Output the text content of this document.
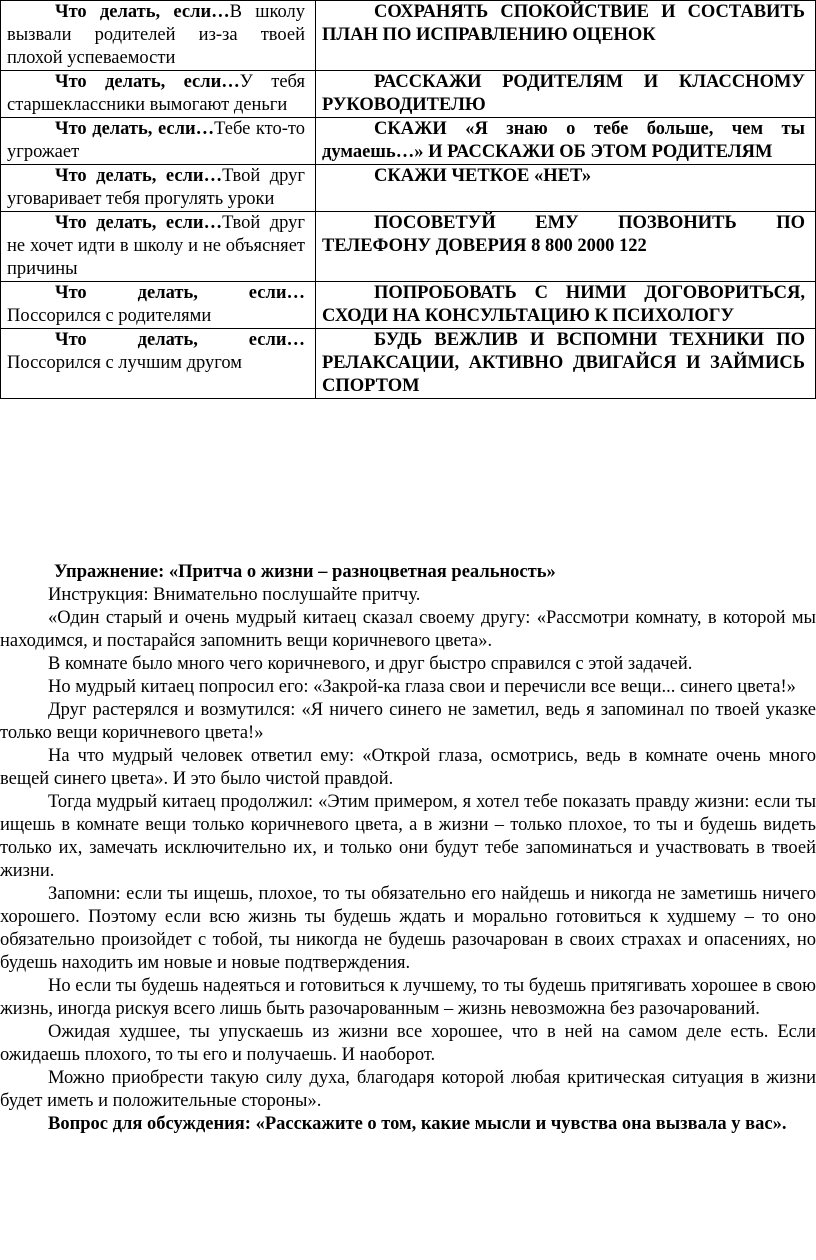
Что делать, если…В школу вызвали родителей из-за твоей плохой успеваемости	СОХРАНЯТЬ СПОКОЙСТВИЕ И СОСТАВИТЬ ПЛАН ПО ИСПРАВЛЕНИЮ ОЦЕНОК
Что делать, если…У тебя старшеклассники вымогают деньги	РАССКАЖИ РОДИТЕЛЯМ И КЛАССНОМУ РУКОВОДИТЕЛЮ
Что делать, если…Тебе кто-то угрожает	СКАЖИ «Я знаю о тебе больше, чем ты думаешь…» И РАССКАЖИ ОБ ЭТОМ РОДИТЕЛЯМ
Что делать, если…Твой друг уговаривает тебя прогулять уроки	СКАЖИ ЧЕТКОЕ «НЕТ»
Что делать, если…Твой друг не хочет идти в школу и не объясняет причины	ПОСОВЕТУЙ ЕМУ ПОЗВОНИТЬ ПО ТЕЛЕФОНУ ДОВЕРИЯ 8 800 2000 122
Что делать, если…Поссорился с родителями	ПОПРОБОВАТЬ С НИМИ ДОГОВОРИТЬСЯ, СХОДИ НА КОНСУЛЬТАЦИЮ К ПСИХОЛОГУ
Что делать, если…Поссорился с лучшим другом	БУДЬ ВЕЖЛИВ И ВСПОМНИ ТЕХНИКИ ПО РЕЛАКСАЦИИ, АКТИВНО ДВИГАЙСЯ И ЗАЙМИСЬ СПОРТОМ

Упражнение: «Притча о жизни – разноцветная реальность»

Инструкция: Внимательно послушайте притчу.

«Один старый и очень мудрый китаец сказал своему другу: «Рассмотри комнату, в которой мы находимся, и постарайся запомнить вещи коричневого цвета».

В комнате было много чего коричневого, и друг быстро справился с этой задачей.

Но мудрый китаец попросил его: «Закрой-ка глаза свои и перечисли все вещи... синего цвета!»

Друг растерялся и возмутился: «Я ничего синего не заметил, ведь я запоминал по твоей указке только вещи коричневого цвета!»

На что мудрый человек ответил ему: «Открой глаза, осмотрись, ведь в комнате очень много вещей синего цвета». И это было чистой правдой.

Тогда мудрый китаец продолжил: «Этим примером, я хотел тебе показать правду жизни: если ты ищешь в комнате вещи только коричневого цвета, а в жизни – только плохое, то ты и будешь видеть только их, замечать исключительно их, и только они будут тебе запоминаться и участвовать в твоей жизни.

Запомни: если ты ищешь, плохое, то ты обязательно его найдешь и никогда не заметишь ничего хорошего. Поэтому если всю жизнь ты будешь ждать и морально готовиться к худшему – то оно обязательно произойдет с тобой, ты никогда не будешь разочарован в своих страхах и опасениях, но будешь находить им новые и новые подтверждения.

Но если ты будешь надеяться и готовиться к лучшему, то ты будешь притягивать хорошее в свою жизнь, иногда рискуя всего лишь быть разочарованным – жизнь невозможна без разочарований.

Ожидая худшее, ты упускаешь из жизни все хорошее, что в ней на самом деле есть. Если ожидаешь плохого, то ты его и получаешь. И наоборот.

Можно приобрести такую силу духа, благодаря которой любая критическая ситуация в жизни будет иметь и положительные стороны».

Вопрос для обсуждения: «Расскажите о том, какие мысли и чувства она вызвала у вас».
